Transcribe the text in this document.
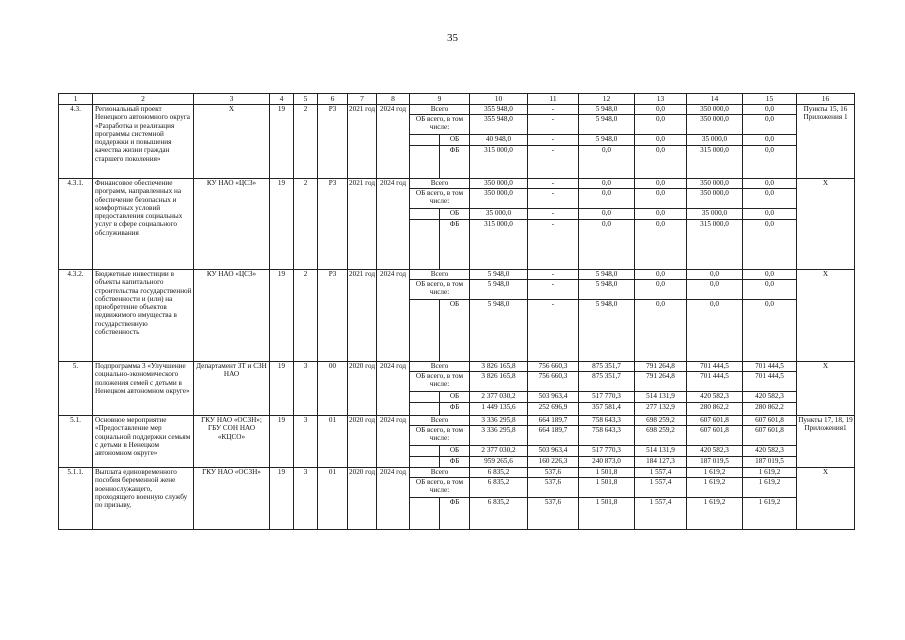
35
1	2	3	4	5	6	7	8	9		10	11	12	13	14	15	16
4.3.	Региональный проект Ненецкого автономного округа «Разработка и реализация программы системной поддержки и повышения качества жизни граждан старшего поколения»	X	19	2	P3	2021 год	2024 год	Всего		355 948,0	-	5 948,0	0,0	350 000,0	0,0	Пункты 15, 16 Приложения 1
								ОБ всего, в том числе:		355 948,0	-	5 948,0	0,0	350 000,0	0,0	
									ОБ	40 948,0	-	5 948,0	0,0	35 000,0	0,0	
									ФБ	315 000,0	-	0,0	0,0	315 000,0	0,0	
4.3.1.	Финансовое обеспечение программ, направленных на обеспечение безопасных и комфортных условий предоставления социальных услуг в сфере социального обслуживания	КУ НАО «ЦСЗ»	19	2	P3	2021 год	2024 год	Всего		350 000,0	-	0,0	0,0	350 000,0	0,0	X
								ОБ всего, в том числе:		350 000,0	-	0,0	0,0	350 000,0	0,0	
									ОБ	35 000,0	-	0,0	0,0	35 000,0	0,0	
									ФБ	315 000,0	-	0,0	0,0	315 000,0	0,0	
4.3.2.	Бюджетные инвестиции в объекты капитального строительства государственной собственности и (или) на приобретение объектов недвижимого имущества в государственную собственность	КУ НАО «ЦСЗ»	19	2	P3	2021 год	2024 год	Всего		5 948,0	-	5 948,0	0,0	0,0	0,0	X
								ОБ всего, в том числе:		5 948,0	-	5 948,0	0,0	0,0	0,0	
									ОБ	5 948,0	-	5 948,0	0,0	0,0	0,0	
5.	Подпрограмма 3 «Улучшение социально-экономического положения семей с детьми в Ненецком автономном округе»	Департамент ЗТ и СЗН НАО	19	3	00	2020 год	2024 год	Всего		3 826 165,8	756 660,3	875 351,7	791 264,8	701 444,5	701 444,5	X
								ОБ всего, в том числе:		3 826 165,8	756 660,3	875 351,7	791 264,8	701 444,5	701 444,5	
									ОБ	2 377 030,2	503 963,4	517 770,3	514 131,9	420 582,3	420 582,3	
									ФБ	1 449 135,6	252 696,9	357 581,4	277 132,9	280 862,2	280 862,2	
5.1.	Основное мероприятие «Предоставление мер социальной поддержки семьям с детьми в Ненецком автономном округе»	ГКУ НАО «ОСЗН»; ГБУ СОН НАО «КЦСО»	19	3	01	2020 год	2024 год	Всего		3 336 295,8	664 189,7	758 643,3	698 259,2	607 601,8	607 601,8	Пункты 17, 18, 19 Приложения1
								ОБ всего, в том числе:		3 336 295,8	664 189,7	758 643,3	698 259,2	607 601,8	607 601,8	
									ОБ	2 377 030,2	503 963,4	517 770,3	514 131,9	420 582,3	420 582,3	
									ФБ	959 265,6	160 226,3	240 873,0	184 127,3	187 019,5	187 019,5	
5.1.1.	Выплата единовременного пособия беременной жене военнослужащего, проходящего военную службу по призыву,	ГКУ НАО «ОСЗН»	19	3	01	2020 год	2024 год	Всего		6 835,2	537,6	1 501,8	1 557,4	1 619,2	1 619,2	X
								ОБ всего, в том числе:		6 835,2	537,6	1 501,8	1 557,4	1 619,2	1 619,2	
									ФБ	6 835,2	537,6	1 501,8	1 557,4	1 619,2	1 619,2	
